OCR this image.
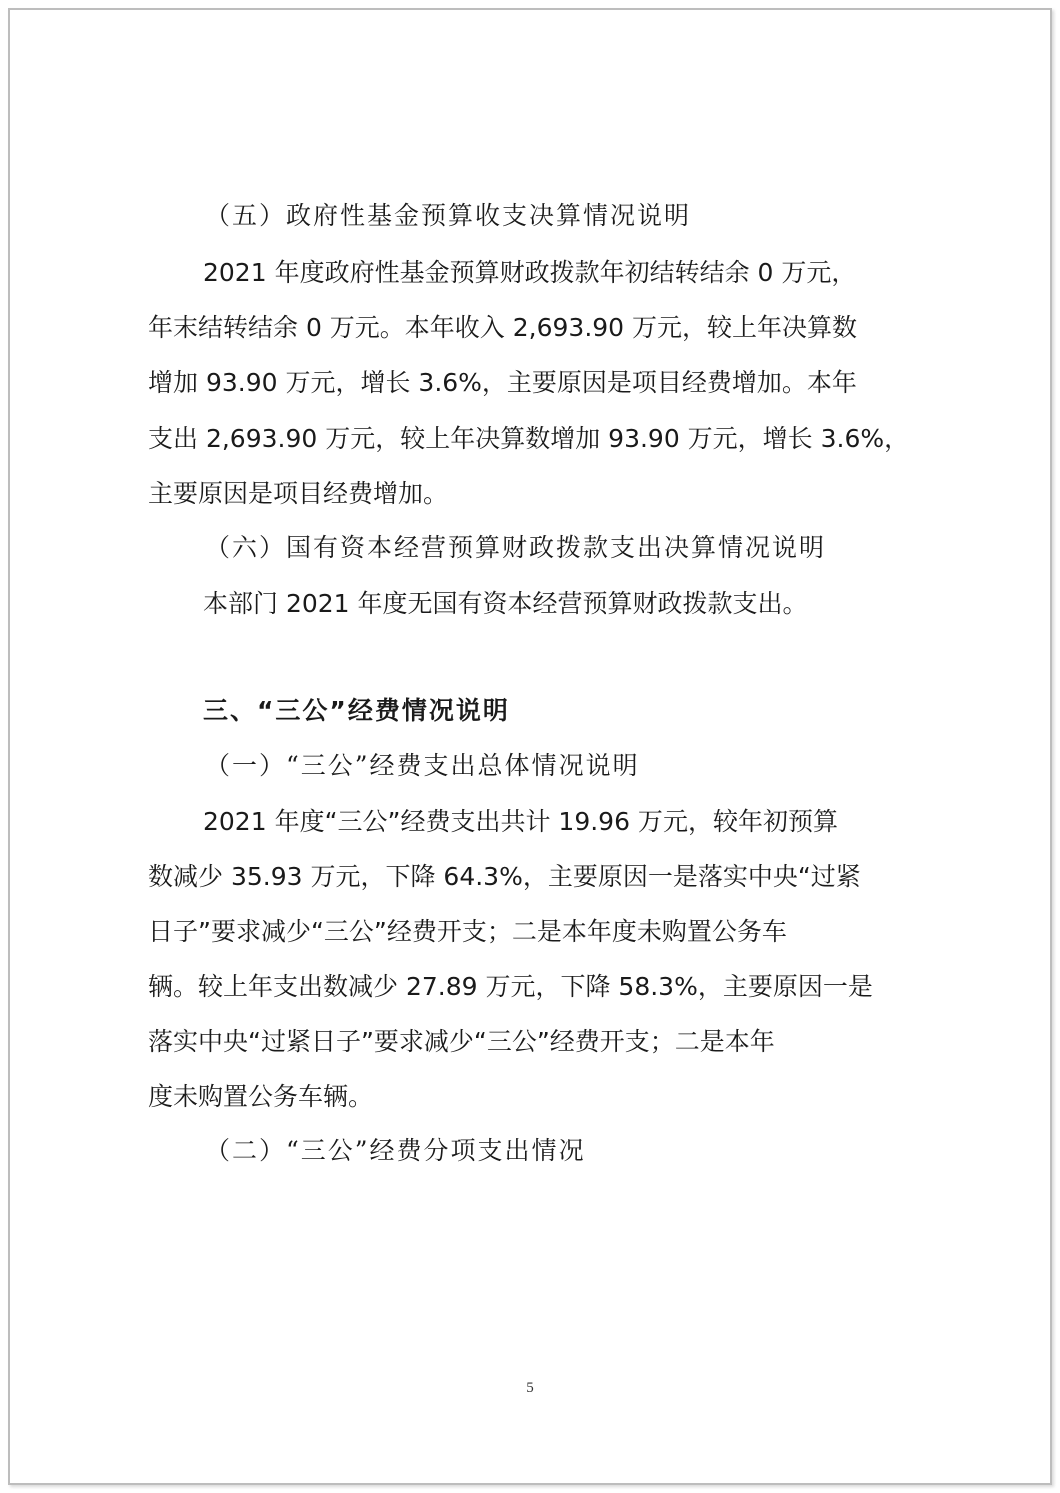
（五）政府性基金预算收支决算情况说明
2021 年度政府性基金预算财政拨款年初结转结余 0 万元，
年末结转结余 0 万元。本年收入 2,693.90 万元，较上年决算数
增加 93.90 万元，增长 3.6%，主要原因是项目经费增加。本年
支出 2,693.90 万元，较上年决算数增加 93.90 万元，增长 3.6%，
主要原因是项目经费增加。
（六）国有资本经营预算财政拨款支出决算情况说明
本部门 2021 年度无国有资本经营预算财政拨款支出。
三、“三公”经费情况说明
（一）“三公”经费支出总体情况说明
2021 年度“三公”经费支出共计 19.96 万元，较年初预算
数减少 35.93 万元，下降 64.3%，主要原因一是落实中央“过紧
日子”要求减少“三公”经费开支；二是本年度未购置公务车
辆。较上年支出数减少 27.89 万元，下降 58.3%，主要原因一是
落实中央“过紧日子”要求减少“三公”经费开支；二是本年
度未购置公务车辆。
（二）“三公”经费分项支出情况
5
